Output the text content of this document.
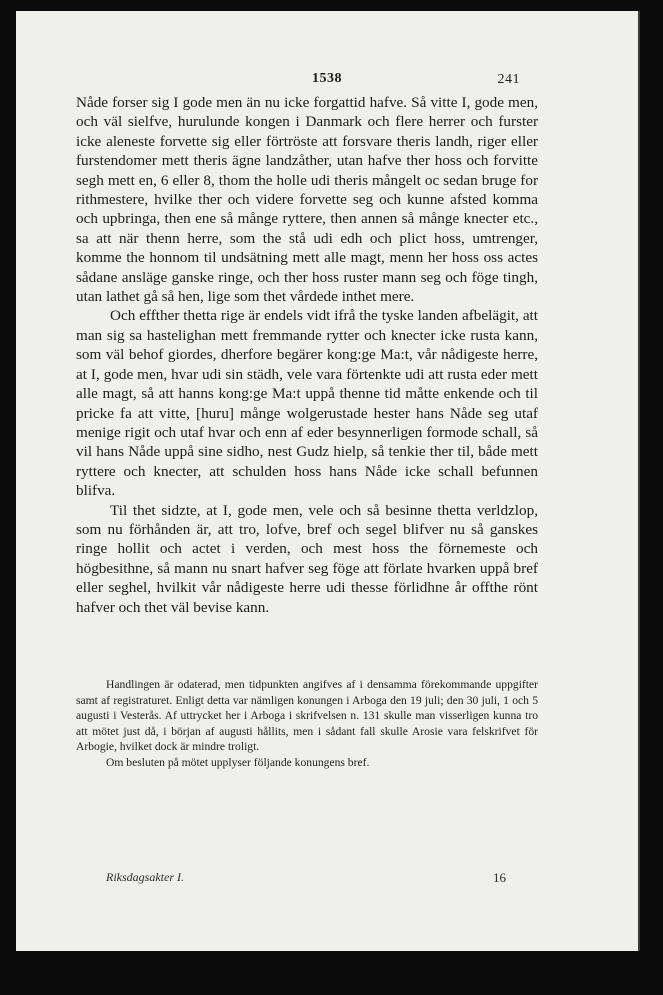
1538	241

Nåde forser sig I gode men än nu icke forgattid hafve. Så vitte I, gode men, och väl sielfve, hurulunde kongen i Danmark och flere herrer och furster icke aleneste forvette sig eller förtröste att forsvare theris landh, riger eller furstendomer mett theris ägne landzåther, utan hafve ther hoss och forvitte segh mett en, 6 eller 8, thom the holle udi theris mångelt oc sedan bruge for rithmestere, hvilke ther och videre forvette seg och kunne afsted komma och upbringa, then ene så månge ryttere, then annen så månge knecter etc., sa att när thenn herre, som the stå udi edh och plict hoss, umtrenger, komme the honnom til undsätning mett alle magt, menn her hoss oss actes sådane ansläge ganske ringe, och ther hoss ruster mann seg och föge tingh, utan lathet gå så hen, lige som thet vårdede inthet mere.

Och effther thetta rige är endels vidt ifrå the tyske landen afbelägit, att man sig sa hastelighan mett fremmande rytter och knecter icke rusta kann, som väl behof giordes, dherfore begärer kong:ge Ma:t, vår nådigeste herre, at I, gode men, hvar udi sin städh, vele vara förtenkte udi att rusta eder mett alle magt, så att hanns kong:ge Ma:t uppå thenne tid måtte enkende och til pricke fa att vitte, [huru] månge wolgerustade hester hans Nåde seg utaf menige rigit och utaf hvar och enn af eder besynnerligen formode schall, så vil hans Nåde uppå sine sidho, nest Gudz hielp, så tenkie ther til, både mett ryttere och knecter, att schulden hoss hans Nåde icke schall befunnen blifva.

Til thet sidzte, at I, gode men, vele och så besinne thetta verldzlop, som nu förhånden är, att tro, lofve, bref och segel blifver nu så ganskes ringe hollit och actet i verden, och mest hoss the förnemeste och högbesithne, så mann nu snart hafver seg föge att förlate hvarken uppå bref eller seghel, hvilkit vår nådigeste herre udi thesse förlidhne år offthe rönt hafver och thet väl bevise kann.

Handlingen är odaterad, men tidpunkten angifves af i densamma förekommande uppgifter samt af registraturet. Enligt detta var nämligen konungen i Arboga den 19 juli; den 30 juli, 1 och 5 augusti i Vesterås. Af uttrycket her i Arboga i skrifvelsen n. 131 skulle man visserligen kunna tro att mötet just då, i början af augusti hållits, men i sådant fall skulle Arosie vara felskrifvet för Arbogie, hvilket dock är mindre troligt.

Om besluten på mötet upplyser följande konungens bref.

Riksdagsakter I.	16
